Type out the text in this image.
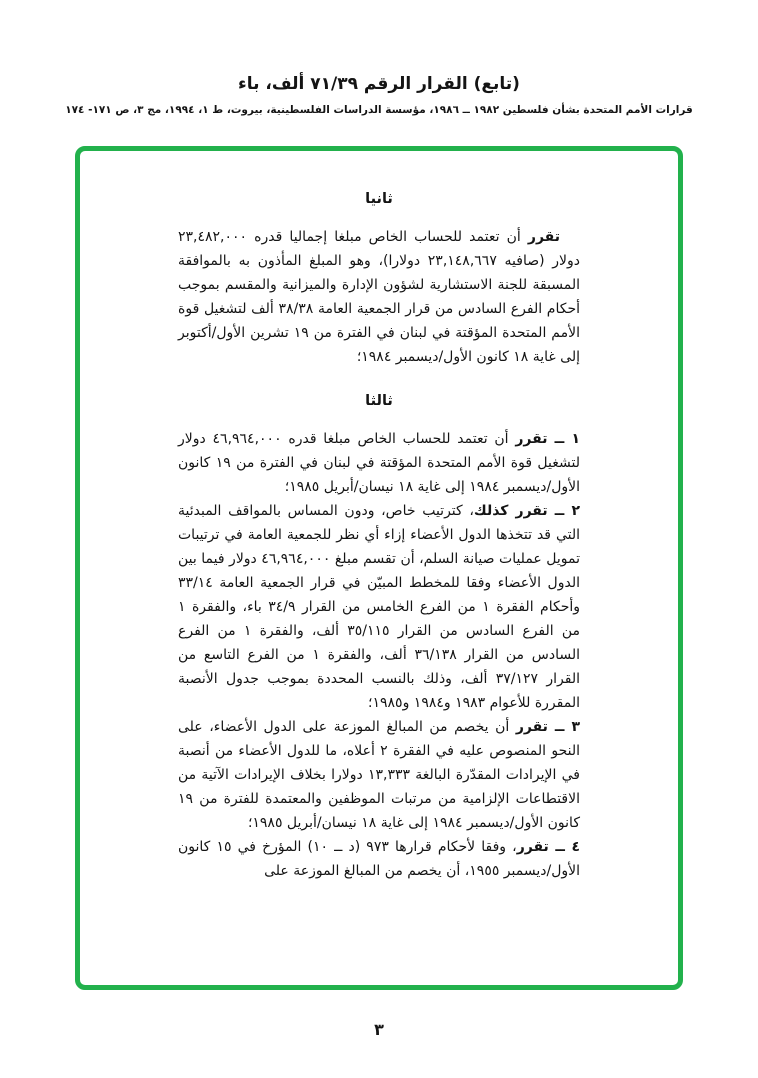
(تابع) القرار الرقم ٧١/٣٩ ألف، باء
قرارات الأمم المتحدة بشأن فلسطين ١٩٨٢ ــ ١٩٨٦، مؤسسة الدراسات الفلسطينية، بيروت، ط ١، ١٩٩٤، مج ٣، ص ١٧١- ١٧٤
ثانيا

تقرر أن تعتمد للحساب الخاص مبلغا إجماليا قدره ٢٣,٤٨٢,٠٠٠ دولار (صافيه ٢٣,١٤٨,٦٦٧ دولارا)، وهو المبلغ المأذون به بالموافقة المسبقة للجنة الاستشارية لشؤون الإدارة والميزانية والمقسم بموجب أحكام الفرع السادس من قرار الجمعية العامة ٣٨/٣٨ ألف لتشغيل قوة الأمم المتحدة المؤقتة في لبنان في الفترة من ١٩ تشرين الأول/أكتوبر إلى غاية ١٨ كانون الأول/ديسمبر ١٩٨٤؛

ثالثا

١ ــ تقرر أن تعتمد للحساب الخاص مبلغا قدره ٤٦,٩٦٤,٠٠٠ دولار لتشغيل قوة الأمم المتحدة المؤقتة في لبنان في الفترة من ١٩ كانون الأول/ديسمبر ١٩٨٤ إلى غاية ١٨ نيسان/أبريل ١٩٨٥؛

٢ ــ تقرر كذلك، كترتيب خاص، ودون المساس بالمواقف المبدئية التي قد تتخذها الدول الأعضاء إزاء أي نظر للجمعية العامة في ترتيبات تمويل عمليات صيانة السلم، أن تقسم مبلغ ٤٦,٩٦٤,٠٠٠ دولار فيما بين الدول الأعضاء وفقا للمخطط المبيّن في قرار الجمعية العامة ٣٣/١٤ وأحكام الفقرة ١ من الفرع الخامس من القرار ٣٤/٩ باء، والفقرة ١ من الفرع السادس من القرار ٣٥/١١٥ ألف، والفقرة ١ من الفرع السادس من القرار ٣٦/١٣٨ ألف، والفقرة ١ من الفرع التاسع من القرار ٣٧/١٢٧ ألف، وذلك بالنسب المحددة بموجب جدول الأنصبة المقررة للأعوام ١٩٨٣ و١٩٨٤ و١٩٨٥؛

٣ ــ تقرر أن يخصم من المبالغ الموزعة على الدول الأعضاء، على النحو المنصوص عليه في الفقرة ٢ أعلاه، ما للدول الأعضاء من أنصبة في الإيرادات المقدّرة البالغة ١٣,٣٣٣ دولارا بخلاف الإيرادات الآتية من الاقتطاعات الإلزامية من مرتبات الموظفين والمعتمدة للفترة من ١٩ كانون الأول/ديسمبر ١٩٨٤ إلى غاية ١٨ نيسان/أبريل ١٩٨٥؛

٤ ــ تقرر، وفقا لأحكام قرارها ٩٧٣ (د ــ ١٠) المؤرخ في ١٥ كانون الأول/ديسمبر ١٩٥٥، أن يخصم من المبالغ الموزعة على

٣
